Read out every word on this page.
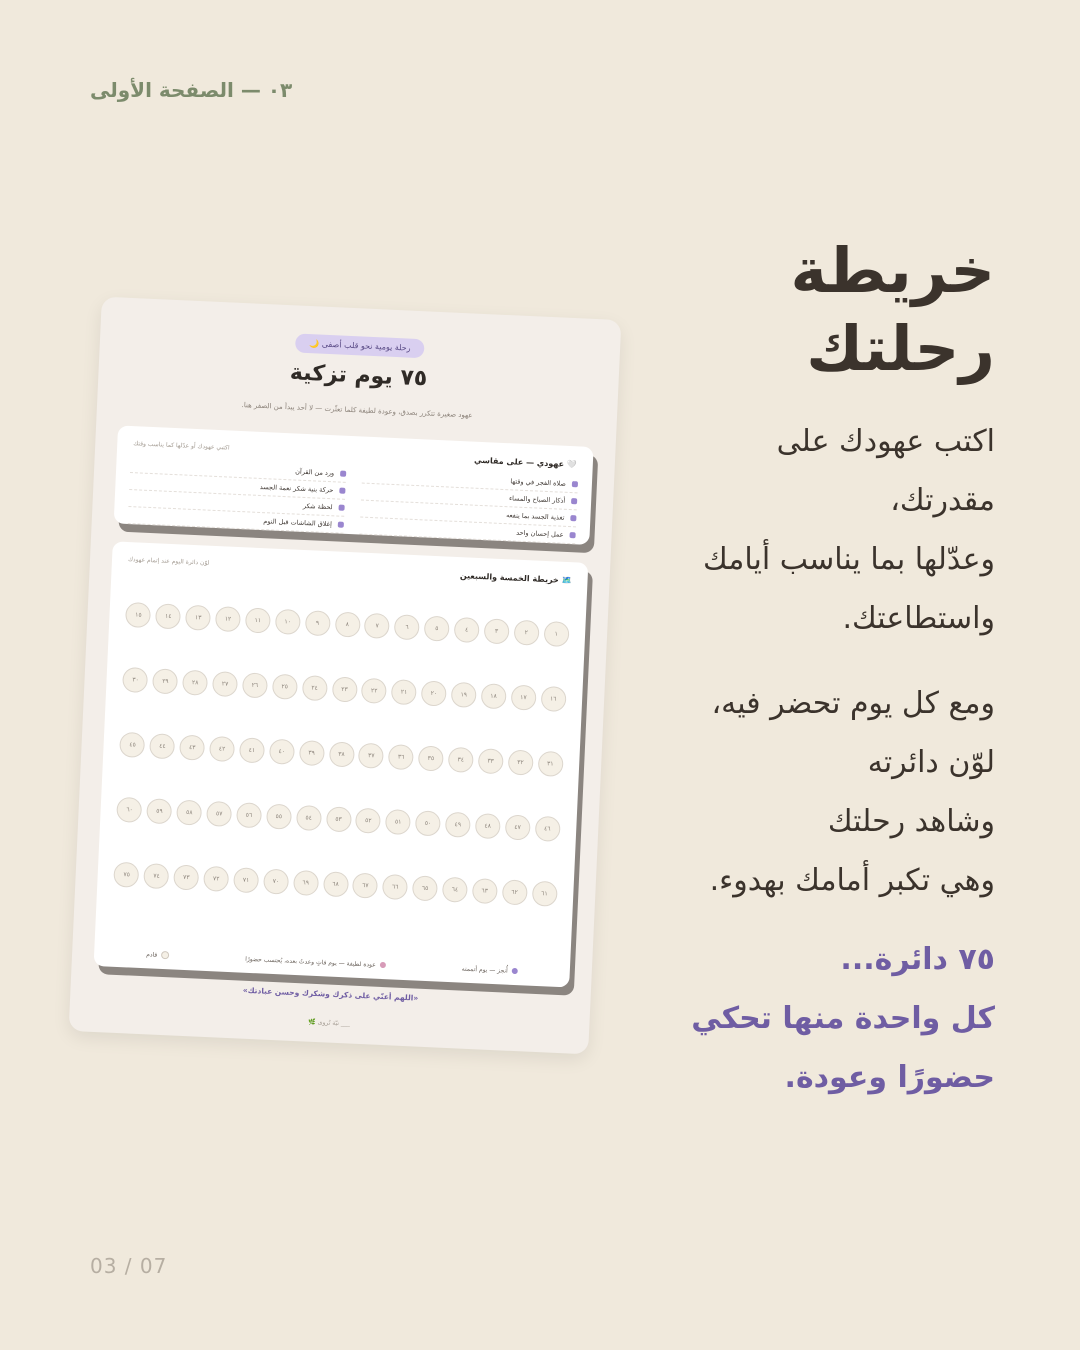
٠٣ — الصفحة الأولى
رحلة يومية نحو قلب أصفى 🌙
٧٥ يوم تزكية
عهود صغيرة تتكرر بصدق، وعودة لطيفة كلما تعثّرت — لا أحد يبدأ من الصفر هنا.
🤍 عهودي — على مقاسي
اكتبي عهودك أو عدّلها كما يناسب وقتك
صلاة الفجر في وقتها
أذكار الصباح والمساء
تغذية الجسد بما ينفعه
عمل إحسان واحد
ورد من القرآن
حركة بنية شكر نعمة الجسد
لحظة شكر
إغلاق الشاشات قبل النوم
🗺️ خريطة الخمسة والسبعين
لوّن دائرة اليوم عند إتمام عهودك
١
٢
٣
٤
٥
٦
٧
٨
٩
١٠
١١
١٢
١٣
١٤
١٥
١٦
١٧
١٨
١٩
٢٠
٢١
٢٢
٢٣
٢٤
٢٥
٢٦
٢٧
٢٨
٢٩
٣٠
٣١
٣٢
٣٣
٣٤
٣٥
٣٦
٣٧
٣٨
٣٩
٤٠
٤١
٤٢
٤٣
٤٤
٤٥
٤٦
٤٧
٤٨
٤٩
٥٠
٥١
٥٢
٥٣
٥٤
٥٥
٥٦
٥٧
٥٨
٥٩
٦٠
٦١
٦٢
٦٣
٦٤
٦٥
٦٦
٦٧
٦٨
٦٩
٧٠
٧١
٧٢
٧٣
٧٤
٧٥
أُنجز — يوم أتممته
عودة لطيفة — يوم فاتٍ وعدتُ بعده، يُحتسب حضورًا
قادم
«اللهم أعنّي على ذكرك وشكرك وحسن عبادتك»
___ نيّة تُروى 🌿
خريطة
رحلتك

اكتب عهودك على
مقدرتك،
وعدّلها بما يناسب أيامك
واستطاعتك.

ومع كل يوم تحضر فيه،
لوّن دائرته
وشاهد رحلتك
وهي تكبر أمامك بهدوء.

٧٥ دائرة...
كل واحدة منها تحكي
حضورًا وعودة.

03 / 07
